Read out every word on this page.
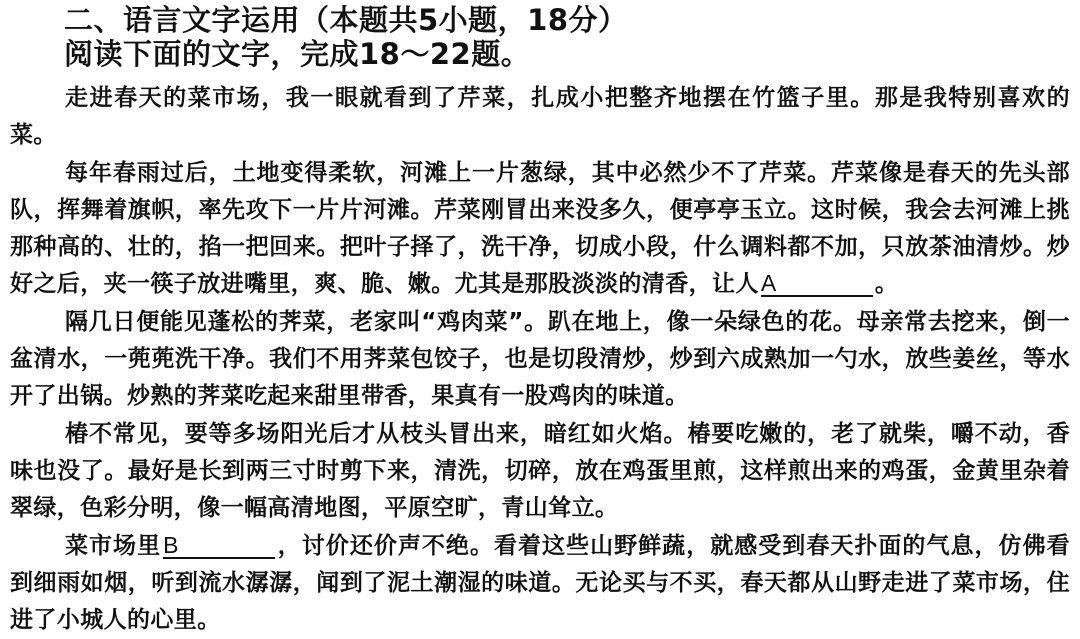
二、语言文字运用（本题共5小题，18分）
阅读下面的文字，完成18～22题。

走进春天的菜市场，我一眼就看到了芹菜，扎成小把整齐地摆在竹篮子里。那是我特别喜欢的菜。

每年春雨过后，土地变得柔软，河滩上一片葱绿，其中必然少不了芹菜。芹菜像是春天的先头部队，挥舞着旗帜，率先攻下一片片河滩。芹菜刚冒出来没多久，便亭亭玉立。这时候，我会去河滩上挑那种高的、壮的，掐一把回来。把叶子择了，洗干净，切成小段，什么调料都不加，只放茶油清炒。炒好之后，夹一筷子放进嘴里，爽、脆、嫩。尤其是那股淡淡的清香，让人A	。

隔几日便能见蓬松的荠菜，老家叫“鸡肉菜”。趴在地上，像一朵绿色的花。母亲常去挖来，倒一盆清水，一蔸蔸洗干净。我们不用荠菜包饺子，也是切段清炒，炒到六成熟加一勺水，放些姜丝，等水开了出锅。炒熟的荠菜吃起来甜里带香，果真有一股鸡肉的味道。

椿不常见，要等多场阳光后才从枝头冒出来，暗红如火焰。椿要吃嫩的，老了就柴，嚼不动，香味也没了。最好是长到两三寸时剪下来，清洗，切碎，放在鸡蛋里煎，这样煎出来的鸡蛋，金黄里杂着翠绿，色彩分明，像一幅高清地图，平原空旷，青山耸立。

菜市场里B	，讨价还价声不绝。看着这些山野鲜蔬，就感受到春天扑面的气息，仿佛看到细雨如烟，听到流水潺潺，闻到了泥土潮湿的味道。无论买与不买，春天都从山野走进了菜市场，住进了小城人的心里。
